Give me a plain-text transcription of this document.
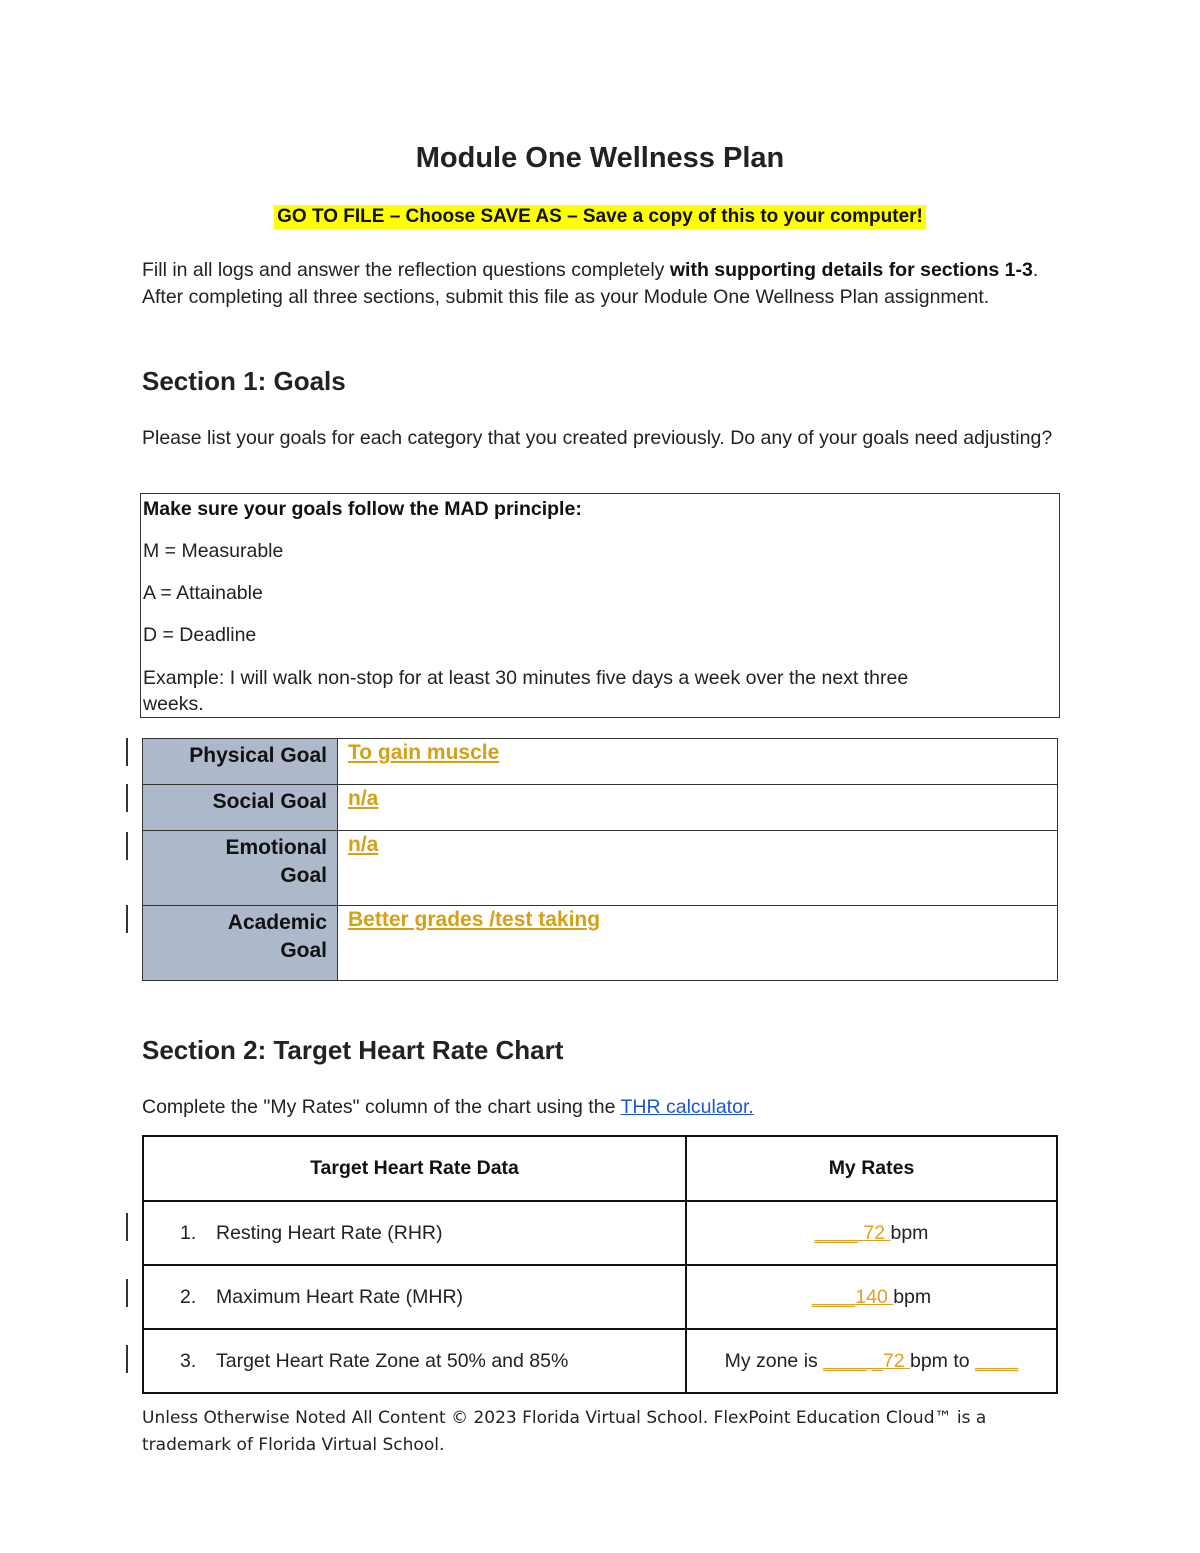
Module One Wellness Plan
GO TO FILE – Choose SAVE AS – Save a copy of this to your computer!
Fill in all logs and answer the reflection questions completely with supporting details for sections 1-3. After completing all three sections, submit this file as your Module One Wellness Plan assignment.
Section 1: Goals
Please list your goals for each category that you created previously. Do any of your goals need adjusting?
Make sure your goals follow the MAD principle:
M = Measurable
A = Attainable
D = Deadline
Example: I will walk non-stop for at least 30 minutes five days a week over the next three
weeks.
Physical Goal	To gain muscle
Social Goal	n/a
Emotional
Goal	n/a
Academic
Goal	Better grades /test taking
Section 2: Target Heart Rate Chart
Complete the "My Rates" column of the chart using the THR calculator.
Target Heart Rate Data	My Rates
1. Resting Heart Rate (RHR)	____ 72 bpm
2. Maximum Heart Rate (MHR)	____140 bpm
3. Target Heart Rate Zone at 50% and 85%	My zone is ____ _72 bpm to ____
Unless Otherwise Noted All Content © 2023 Florida Virtual School. FlexPoint Education Cloud™ is a trademark of Florida Virtual School.
